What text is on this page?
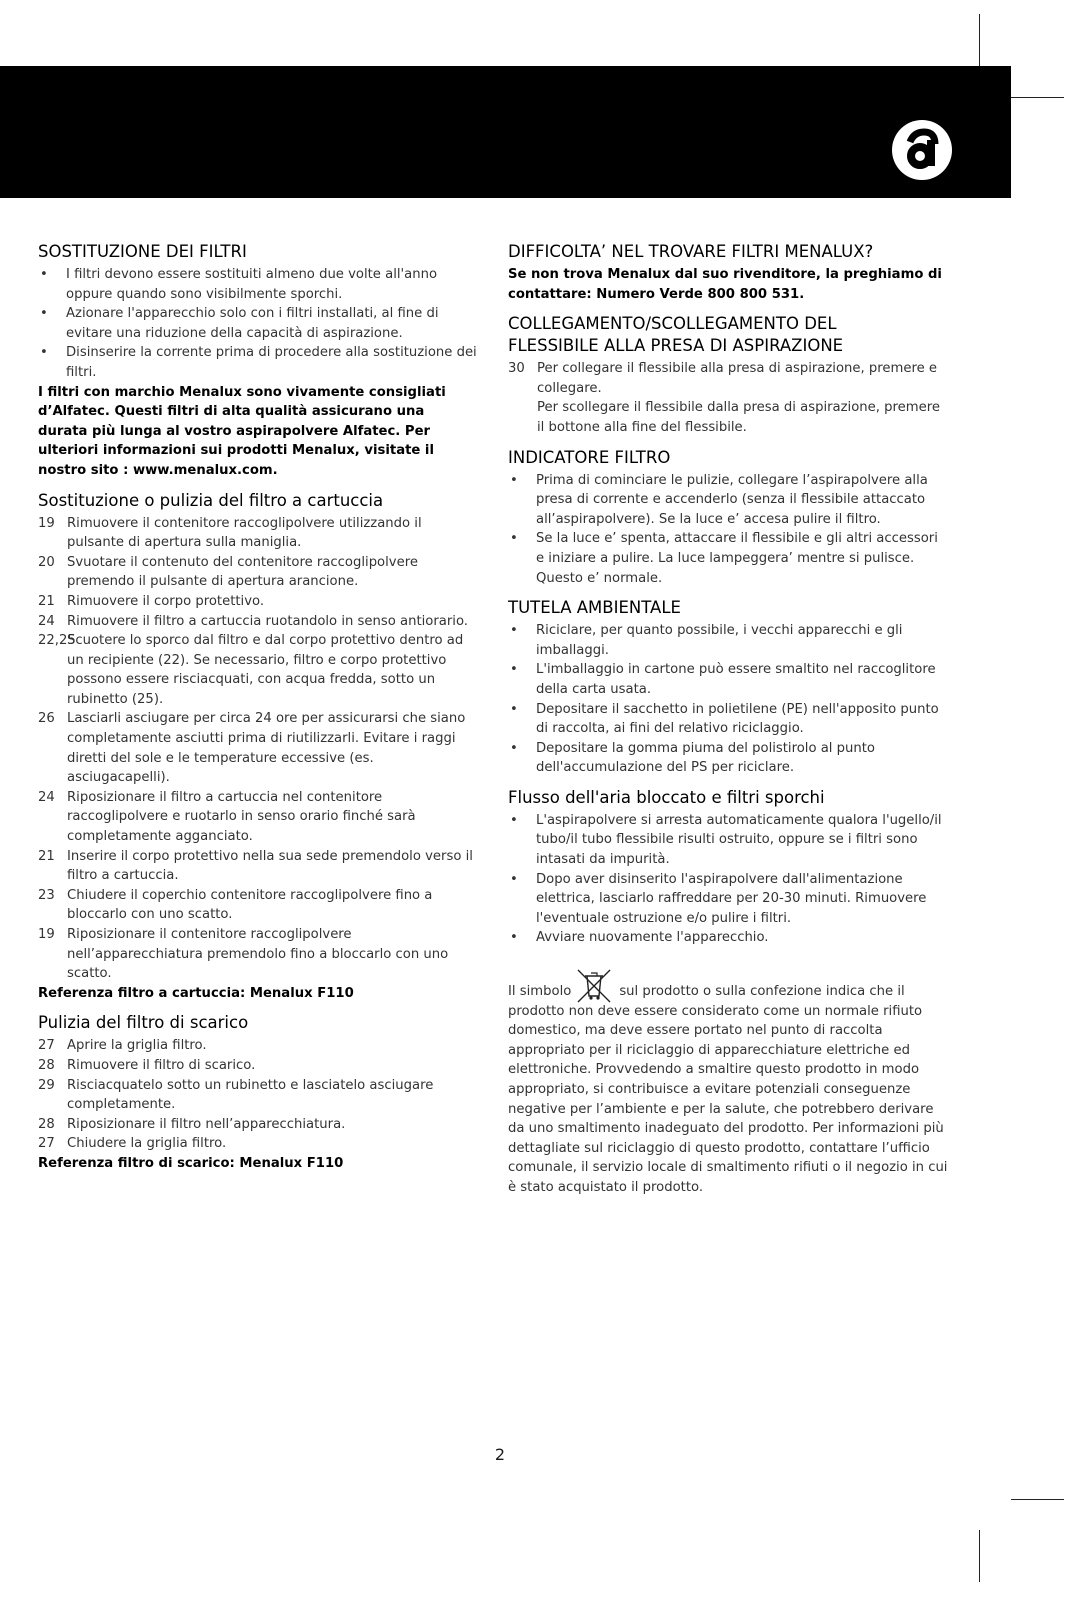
SOSTITUZIONE DEI FILTRI
• I filtri devono essere sostituiti almeno due volte all'anno oppure quando sono visibilmente sporchi.
• Azionare l'apparecchio solo con i filtri installati, al fine di evitare una riduzione della capacità di aspirazione.
• Disinserire la corrente prima di procedere alla sostituzione dei filtri.

I filtri con marchio Menalux sono vivamente consigliati d’Alfatec. Questi filtri di alta qualità assicurano una durata più lunga al vostro aspirapolvere Alfatec. Per ulteriori informazioni sui prodotti Menalux, visitate il nostro sito : www.menalux.com.

Sostituzione o pulizia del filtro a cartuccia
19 Rimuovere il contenitore raccoglipolvere utilizzando il pulsante di apertura sulla maniglia.
20 Svuotare il contenuto del contenitore raccoglipolvere premendo il pulsante di apertura arancione.
21 Rimuovere il corpo protettivo.
24 Rimuovere il filtro a cartuccia ruotandolo in senso antiorario.
22,25
Scuotere lo sporco dal filtro e dal corpo protettivo dentro ad un recipiente (22). Se necessario, filtro e corpo protettivo possono essere risciacquati, con acqua fredda, sotto un rubinetto (25).
26 Lasciarli asciugare per circa 24 ore per assicurarsi che siano completamente asciutti prima di riutilizzarli. Evitare i raggi diretti del sole e le temperature eccessive (es. asciugacapelli).
24 Riposizionare il filtro a cartuccia nel contenitore raccoglipolvere e ruotarlo in senso orario finché sarà completamente agganciato.
21 Inserire il corpo protettivo nella sua sede premendolo verso il filtro a cartuccia.
23 Chiudere il coperchio contenitore raccoglipolvere fino a bloccarlo con uno scatto.
19 Riposizionare il contenitore raccoglipolvere nell’apparecchiatura premendolo fino a bloccarlo con uno scatto.

Referenza filtro a cartuccia: Menalux F110

Pulizia del filtro di scarico
27 Aprire la griglia filtro.
28 Rimuovere il filtro di scarico.
29 Risciacquatelo sotto un rubinetto e lasciatelo asciugare completamente.
28 Riposizionare il filtro nell’apparecchiatura.
27 Chiudere la griglia filtro.

Referenza filtro di scarico: Menalux F110

DIFFICOLTA’ NEL TROVARE FILTRI MENALUX?

Se non trova Menalux dal suo rivenditore, la preghiamo di contattare: Numero Verde 800 800 531.

COLLEGAMENTO/SCOLLEGAMENTO DEL
FLESSIBILE ALLA PRESA DI ASPIRAZIONE
30 Per collegare il flessibile alla presa di aspirazione, premere e collegare.
Per scollegare il flessibile dalla presa di aspirazione, premere il bottone alla fine del flessibile.
INDICATORE FILTRO
• Prima di cominciare le pulizie, collegare l’aspirapolvere alla presa di corrente e accenderlo (senza il flessibile attaccato all’aspirapolvere). Se la luce e’ accesa pulire il filtro.
• Se la luce e’ spenta, attaccare il flessibile e gli altri accessori e iniziare a pulire. La luce lampeggera’ mentre si pulisce. Questo e’ normale.
TUTELA AMBIENTALE
• Riciclare, per quanto possibile, i vecchi apparecchi e gli imballaggi.
• L'imballaggio in cartone può essere smaltito nel raccoglitore della carta usata.
• Depositare il sacchetto in polietilene (PE) nell'apposito punto di raccolta, ai fini del relativo riciclaggio.
• Depositare la gomma piuma del polistirolo al punto dell'accumulazione del PS per riciclare.
Flusso dell'aria bloccato e filtri sporchi
• L'aspirapolvere si arresta automaticamente qualora l'ugello/il tubo/il tubo flessibile risulti ostruito, oppure se i filtri sono intasati da impurità.
• Dopo aver disinserito l'aspirapolvere dall'alimentazione elettrica, lasciarlo raffreddare per 20-30 minuti. Rimuovere l'eventuale ostruzione e/o pulire i filtri.
• Avviare nuovamente l'apparecchio.
Il simbolo	sul prodotto o sulla confezione indica che il prodotto non deve essere considerato come un normale rifiuto domestico, ma deve essere portato nel punto di raccolta appropriato per il riciclaggio di apparecchiature elettriche ed elettroniche. Provvedendo a smaltire questo prodotto in modo appropriato, si contribuisce a evitare potenziali conseguenze negative per l’ambiente e per la salute, che potrebbero derivare da uno smaltimento inadeguato del prodotto. Per informazioni più dettagliate sul riciclaggio di questo prodotto, contattare l’ufficio comunale, il servizio locale di smaltimento rifiuti o il negozio in cui è stato acquistato il prodotto.
2
